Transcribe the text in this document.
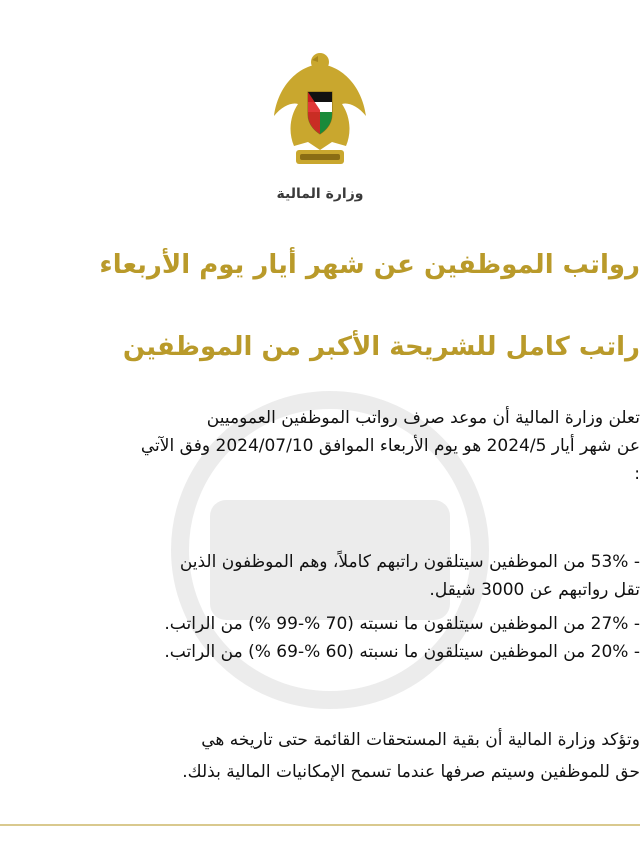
وزارة المالية
رواتب الموظفين عن شهر أيار يوم الأربعاء
راتب كامل للشريحة الأكبر من الموظفين
تعلن وزارة المالية أن موعد صرف رواتب الموظفين العموميين
عن شهر أيار 2024/5 هو يوم الأربعاء الموافق 2024/07/10 وفق الآتي
:
- 53% من الموظفين سيتلقون راتبهم كاملاً، وهم الموظفون الذين
تقل رواتبهم عن 3000 شيقل.
- 27% من الموظفين سيتلقون ما نسبته (70 %-99 %) من الراتب.
- 20% من الموظفين سيتلقون ما نسبته (60 %-69 %) من الراتب.
وتؤكد وزارة المالية أن بقية المستحقات القائمة حتى تاريخه هي
حق للموظفين وسيتم صرفها عندما تسمح الإمكانيات المالية بذلك.
